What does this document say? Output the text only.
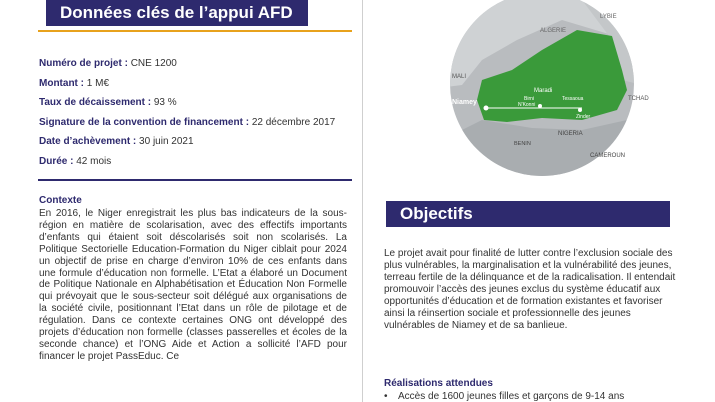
Données clés de l’appui AFD
Numéro de projet : CNE 1200
Montant : 1 M€
Taux de décaissement : 93 %
Signature de la convention de financement : 22 décembre 2017
Date d’achèvement : 30 juin 2021
Durée : 42 mois
Contexte
En 2016, le Niger enregistrait les plus bas indicateurs de la sous-région en matière de scolarisation, avec des effectifs importants d’enfants qui étaient soit déscolarisés soit non scolarisés. La Politique Sectorielle Education-Formation du Niger ciblait pour 2024 un objectif de prise en charge d’environ 10% de ces enfants dans une formule d’éducation non formelle. L’Etat a élaboré un Document de Politique Nationale en Alphabétisation et Éducation Non Formelle qui prévoyait que le sous-secteur soit délégué aux organisations de la société civile, positionnant l’Etat dans un rôle de pilotage et de régulation. Dans ce contexte certaines ONG ont développé des projets d’éducation non formelle (classes passerelles et écoles de la seconde chance) et l’ONG Aide et Action a sollicité l’AFD pour financer le projet PassEduc. Ce
ALGERIE
LYBIE
MALI
TCHAD
NIGERIA
BENIN
CAMEROUN
Niamey
Maradi
Birni
N'Konni
Tessaoua
Zinder
Objectifs
Le projet avait pour finalité de lutter contre l’exclusion sociale des plus vulnérables, la marginalisation et la vulnérabilité des jeunes, terreau fertile de la délinquance et de la radicalisation. Il entendait promouvoir l’accès des jeunes exclus du système éducatif aux opportunités d’éducation et de formation existantes et favoriser ainsi la réinsertion sociale et professionnelle des jeunes vulnérables de Niamey et de sa banlieue.
Réalisations attendues
• Accès de 1600 jeunes filles et garçons de 9-14 ans
